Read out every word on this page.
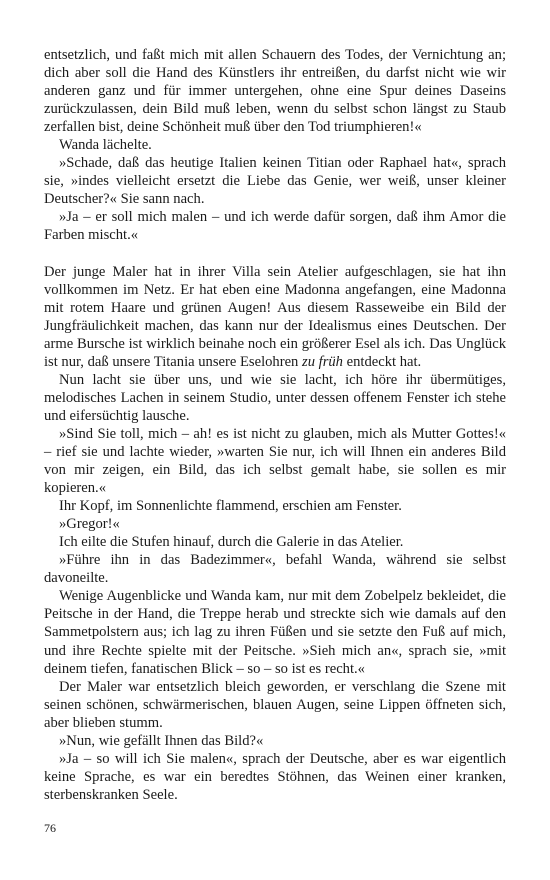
entsetzlich, und faßt mich mit allen Schauern des Todes, der Vernichtung an; dich aber soll die Hand des Künstlers ihr entreißen, du darfst nicht wie wir anderen ganz und für immer untergehen, ohne eine Spur deines Daseins zurückzulassen, dein Bild muß leben, wenn du selbst schon längst zu Staub zerfallen bist, deine Schönheit muß über den Tod triumphieren!«

Wanda lächelte.

»Schade, daß das heutige Italien keinen Titian oder Raphael hat«, sprach sie, »indes vielleicht ersetzt die Liebe das Genie, wer weiß, unser kleiner Deutscher?« Sie sann nach.

»Ja – er soll mich malen – und ich werde dafür sorgen, daß ihm Amor die Farben mischt.«

Der junge Maler hat in ihrer Villa sein Atelier aufgeschlagen, sie hat ihn vollkommen im Netz. Er hat eben eine Madonna angefangen, eine Madonna mit rotem Haare und grünen Augen! Aus diesem Rasseweibe ein Bild der Jungfräulichkeit machen, das kann nur der Idealismus eines Deutschen. Der arme Bursche ist wirklich beinahe noch ein größerer Esel als ich. Das Unglück ist nur, daß unsere Titania unsere Eselohren zu früh entdeckt hat.

Nun lacht sie über uns, und wie sie lacht, ich höre ihr übermütiges, melodisches Lachen in seinem Studio, unter dessen offenem Fenster ich stehe und eifersüchtig lausche.

»Sind Sie toll, mich – ah! es ist nicht zu glauben, mich als Mutter Gottes!« – rief sie und lachte wieder, »warten Sie nur, ich will Ihnen ein anderes Bild von mir zeigen, ein Bild, das ich selbst gemalt habe, sie sollen es mir kopieren.«

Ihr Kopf, im Sonnenlichte flammend, erschien am Fenster.

»Gregor!«

Ich eilte die Stufen hinauf, durch die Galerie in das Atelier.

»Führe ihn in das Badezimmer«, befahl Wanda, während sie selbst davoneilte.

Wenige Augenblicke und Wanda kam, nur mit dem Zobelpelz bekleidet, die Peitsche in der Hand, die Treppe herab und streckte sich wie damals auf den Sammetpolstern aus; ich lag zu ihren Füßen und sie setzte den Fuß auf mich, und ihre Rechte spielte mit der Peitsche. »Sieh mich an«, sprach sie, »mit deinem tiefen, fanatischen Blick – so – so ist es recht.«

Der Maler war entsetzlich bleich geworden, er verschlang die Szene mit seinen schönen, schwärmerischen, blauen Augen, seine Lippen öffneten sich, aber blieben stumm.

»Nun, wie gefällt Ihnen das Bild?«

»Ja – so will ich Sie malen«, sprach der Deutsche, aber es war eigentlich keine Sprache, es war ein beredtes Stöhnen, das Weinen einer kranken, sterbenskranken Seele.

76
